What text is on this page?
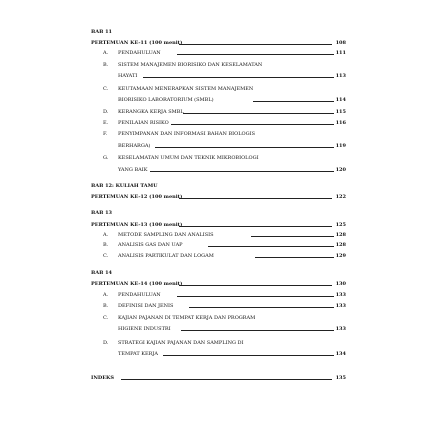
BAB 11
PERTEMUAN KE-11 (100 menit)	108
A.	PENDAHULUAN	111
B.	SISTEM MANAJEMEN BIORISIKO DAN KESELAMATAN
HAYATI	113
C.	KEUTAMAAN MENERAPKAN SISTEM MANAJEMEN
BIORISIKO LABORATORIUM (SMBL)	114
D.	KERANGKA KERJA SMBL	115
E.	PENILAIAN RISIKO	116
F.	PENYIMPANAN DAN INFORMASI BAHAN BIOLOGIS
BERHARGA)	119
G.	KESELAMATAN UMUM DAN TEKNIK MIKROBIOLOGI
YANG BAIK	120
BAB 12: KULIAH TAMU
PERTEMUAN KE-12 (100 menit)	122
BAB 13
PERTEMUAN KE-13 (100 menit)	125
A.	METODE SAMPLING DAN ANALISIS	128
B.	ANALISIS GAS DAN UAP	128
C.	ANALISIS PARTIKULAT DAN LOGAM	129
BAB 14
PERTEMUAN KE-14 (100 menit)	130
A.	PENDAHULUAN	133
B.	DEFINISI DAN JENIS	133
C.	KAJIAN PAJANAN DI TEMPAT KERJA DAN PROGRAM
HIGIENE INDUSTRI	133
D.	STRATEGI KAJIAN PAJANAN DAN SAMPLING DI
TEMPAT KERJA	134
INDEKS	135
